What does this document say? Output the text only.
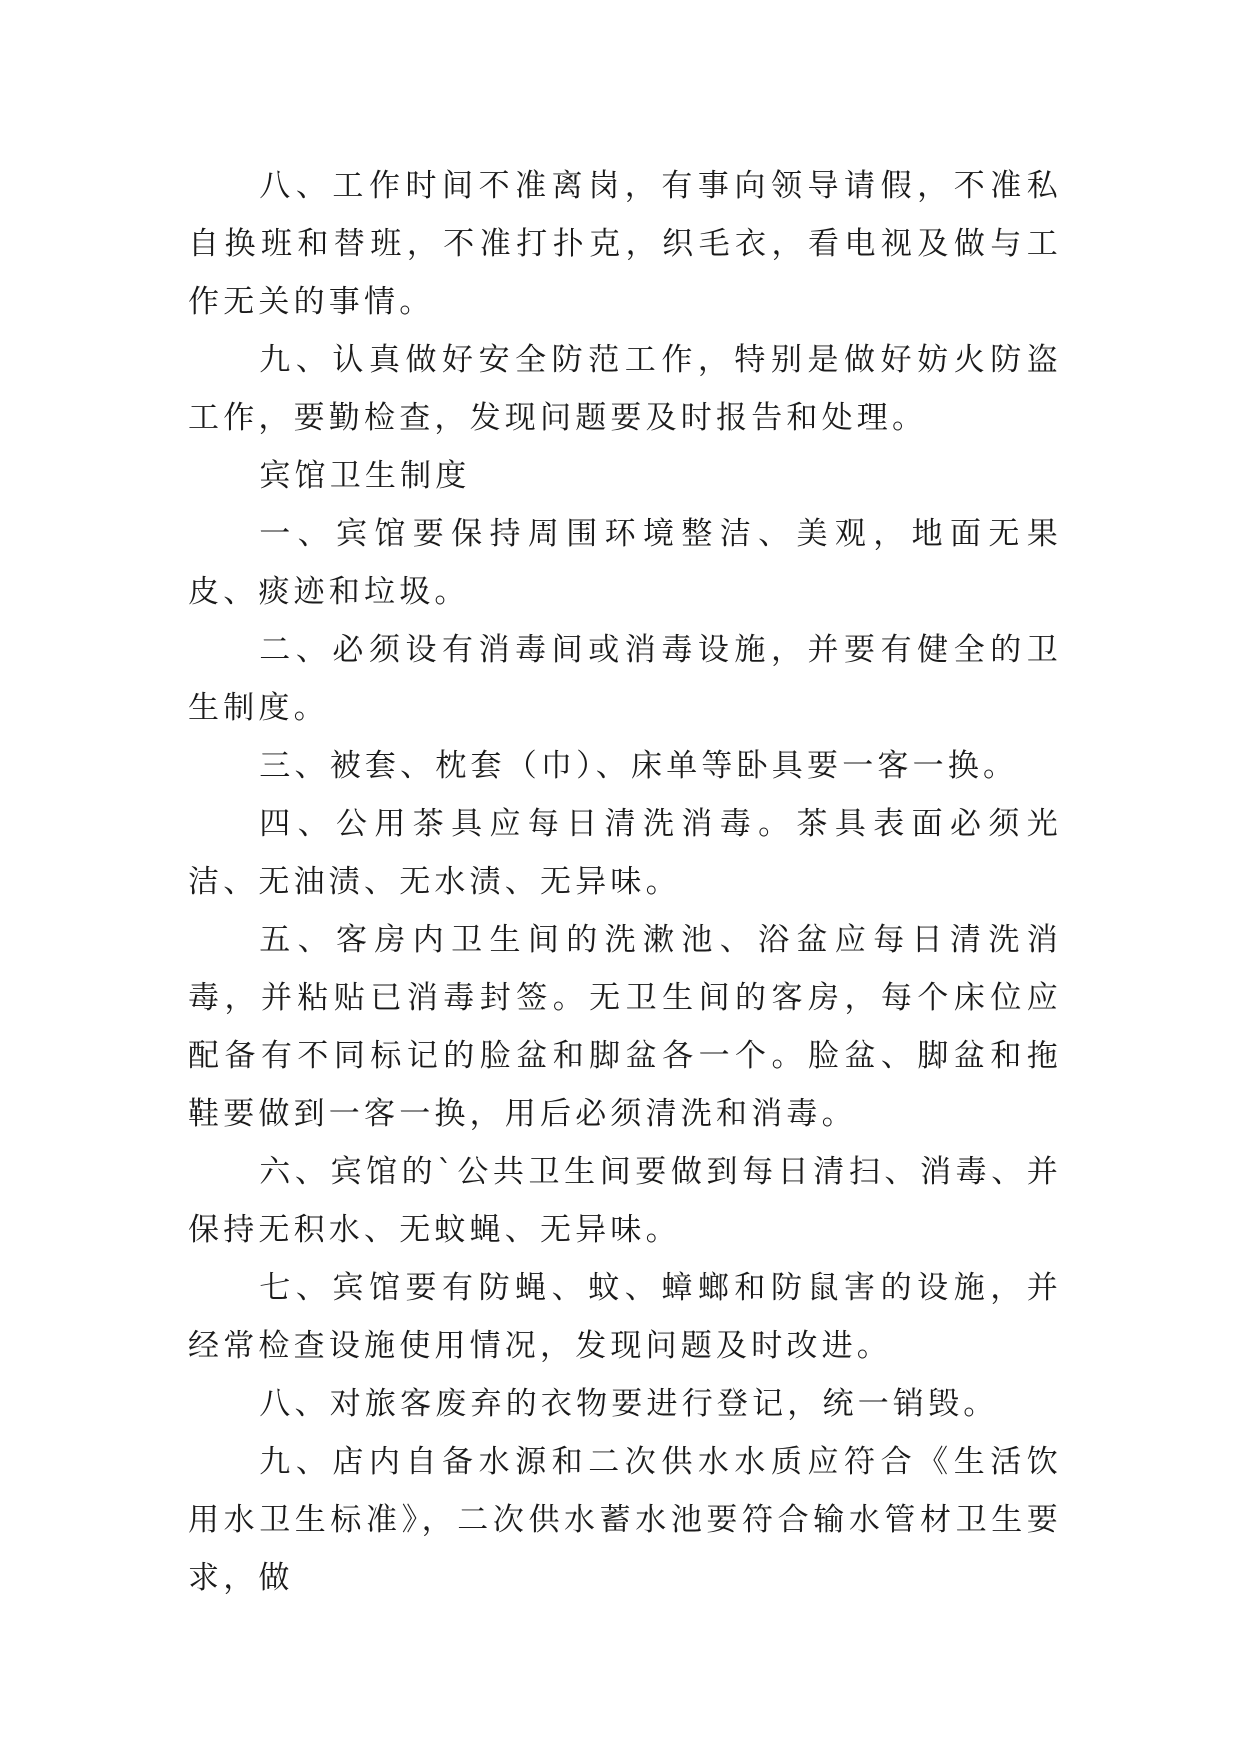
八、工作时间不准离岗，有事向领导请假，不准私自换班和替班，不准打扑克，织毛衣，看电视及做与工作无关的事情。

九、认真做好安全防范工作，特别是做好妨火防盗工作，要勤检查，发现问题要及时报告和处理。

宾馆卫生制度

一、宾馆要保持周围环境整洁、美观，地面无果皮、痰迹和垃圾。

二、必须设有消毒间或消毒设施，并要有健全的卫生制度。

三、被套、枕套（巾）、床单等卧具要一客一换。

四、公用茶具应每日清洗消毒。茶具表面必须光洁、无油渍、无水渍、无异味。

五、客房内卫生间的洗漱池、浴盆应每日清洗消毒，并粘贴已消毒封签。无卫生间的客房，每个床位应配备有不同标记的脸盆和脚盆各一个。脸盆、脚盆和拖鞋要做到一客一换，用后必须清洗和消毒。

六、宾馆的`公共卫生间要做到每日清扫、消毒、并保持无积水、无蚊蝇、无异味。

七、宾馆要有防蝇、蚊、蟑螂和防鼠害的设施，并经常检查设施使用情况，发现问题及时改进。

八、对旅客废弃的衣物要进行登记，统一销毁。

九、店内自备水源和二次供水水质应符合《生活饮用水卫生标准》，二次供水蓄水池要符合输水管材卫生要求，做
